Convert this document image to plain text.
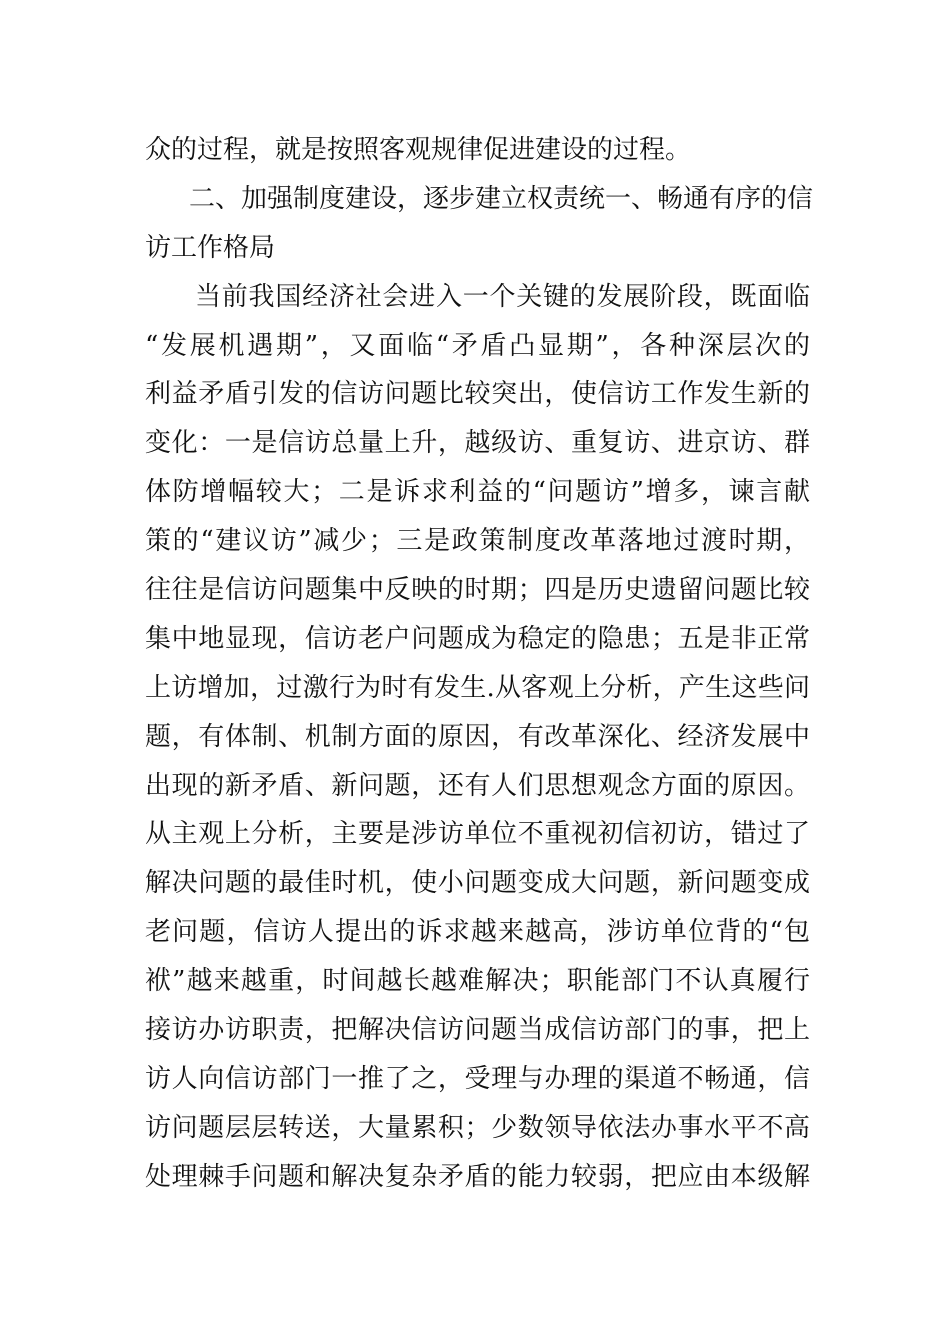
众的过程，就是按照客观规律促进建设的过程。
二、加强制度建设，逐步建立权责统一、畅通有序的信
访工作格局
当前我国经济社会进入一个关键的发展阶段，既面临
“发展机遇期”，又面临“矛盾凸显期”，各种深层次的
利益矛盾引发的信访问题比较突出，使信访工作发生新的
变化：一是信访总量上升，越级访、重复访、进京访、群
体防增幅较大；二是诉求利益的“问题访”增多，谏言献
策的“建议访”减少；三是政策制度改革落地过渡时期，
往往是信访问题集中反映的时期；四是历史遗留问题比较
集中地显现，信访老户问题成为稳定的隐患；五是非正常
上访增加，过激行为时有发生.从客观上分析，产生这些问
题，有体制、机制方面的原因，有改革深化、经济发展中
出现的新矛盾、新问题，还有人们思想观念方面的原因。
从主观上分析，主要是涉访单位不重视初信初访，错过了
解决问题的最佳时机，使小问题变成大问题，新问题变成
老问题，信访人提出的诉求越来越高，涉访单位背的“包
袱”越来越重，时间越长越难解决；职能部门不认真履行
接访办访职责，把解决信访问题当成信访部门的事，把上
访人向信访部门一推了之，受理与办理的渠道不畅通，信
访问题层层转送，大量累积；少数领导依法办事水平不高
处理棘手问题和解决复杂矛盾的能力较弱，把应由本级解
